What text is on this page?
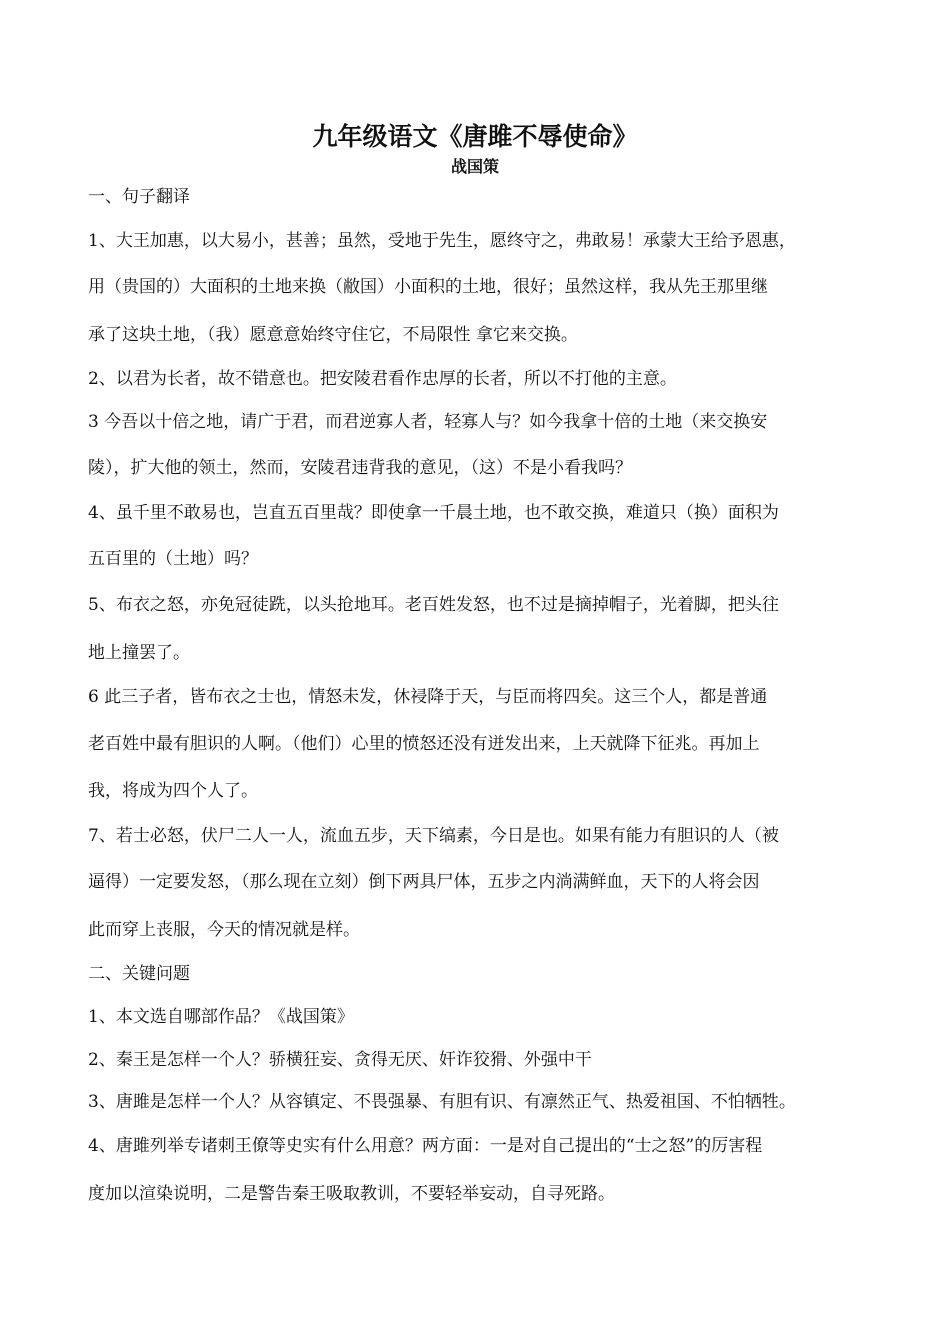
九年级语文《唐雎不辱使命》
战国策
一、句子翻译
1、大王加惠，以大易小，甚善；虽然，受地于先生，愿终守之，弗敢易！承蒙大王给予恩惠，
用（贵国的）大面积的土地来换（敝国）小面积的土地，很好；虽然这样，我从先王那里继
承了这块土地，（我）愿意意始终守住它，不局限性 拿它来交换。
2、以君为长者，故不错意也。把安陵君看作忠厚的长者，所以不打他的主意。
3 今吾以十倍之地，请广于君，而君逆寡人者，轻寡人与？如今我拿十倍的土地（来交换安
陵），扩大他的领土，然而，安陵君违背我的意见，（这）不是小看我吗？
4、虽千里不敢易也，岂直五百里哉？即使拿一千晨土地，也不敢交换，难道只（换）面积为
五百里的（土地）吗？
5、布衣之怒，亦免冠徒跣，以头抢地耳。老百姓发怒，也不过是摘掉帽子，光着脚，把头往
地上撞罢了。
6 此三子者，皆布衣之士也，情怒未发，休祲降于天，与臣而将四矣。这三个人，都是普通
老百姓中最有胆识的人啊。（他们）心里的愤怒还没有迸发出来，上天就降下征兆。再加上
我，将成为四个人了。
7、若士必怒，伏尸二人一人，流血五步，天下缟素，今日是也。如果有能力有胆识的人（被
逼得）一定要发怒，（那么现在立刻）倒下两具尸体，五步之内淌满鲜血，天下的人将会因
此而穿上丧服，今天的情况就是样。
二、关键问题
1、本文选自哪部作品？《战国策》
2、秦王是怎样一个人？骄横狂妄、贪得无厌、奸诈狡猾、外强中干
3、唐雎是怎样一个人？从容镇定、不畏强暴、有胆有识、有凛然正气、热爱祖国、不怕牺牲。
4、唐雎列举专诸刺王僚等史实有什么用意？两方面：一是对自己提出的“士之怒”的厉害程
度加以渲染说明，二是警告秦王吸取教训，不要轻举妄动，自寻死路。
